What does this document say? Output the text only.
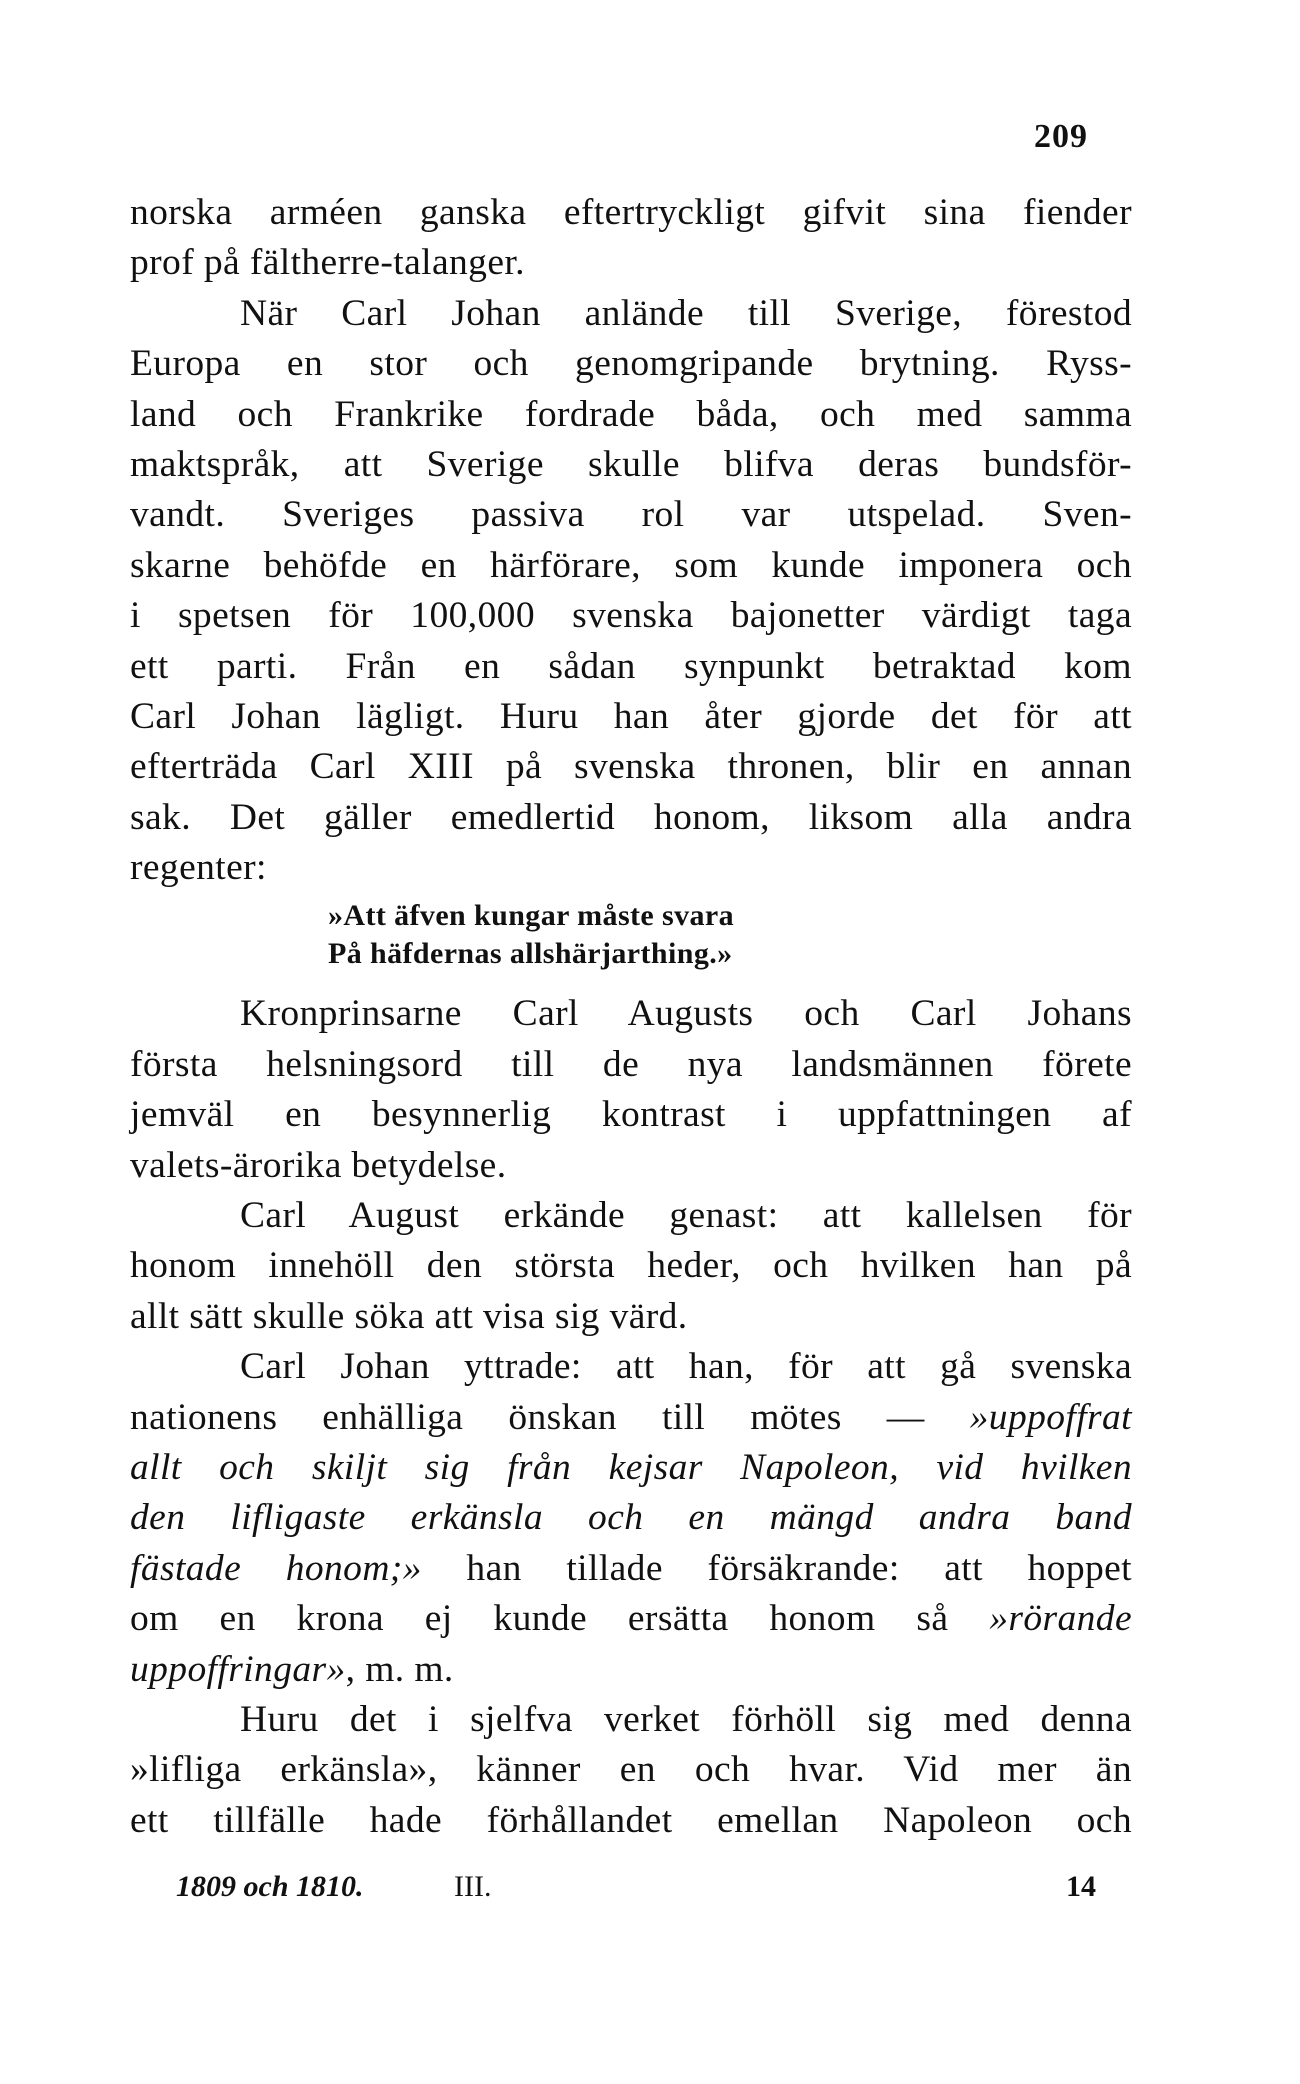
209
norska arméen ganska eftertryckligt gifvit sina fiender
prof på fältherre-talanger.
När Carl Johan anlände till Sverige, förestod
Europa en stor och genomgripande brytning. Ryss-
land och Frankrike fordrade båda, och med samma
maktspråk, att Sverige skulle blifva deras bundsför-
vandt. Sveriges passiva rol var utspelad. Sven-
skarne behöfde en härförare, som kunde imponera och
i spetsen för 100,000 svenska bajonetter värdigt taga
ett parti. Från en sådan synpunkt betraktad kom
Carl Johan lägligt. Huru han åter gjorde det för att
efterträda Carl XIII på svenska thronen, blir en annan
sak. Det gäller emedlertid honom, liksom alla andra
regenter:
»Att äfven kungar måste svara
På häfdernas allshärjarthing.»
Kronprinsarne Carl Augusts och Carl Johans
första helsningsord till de nya landsmännen förete
jemväl en besynnerlig kontrast i uppfattningen af
valets-ärorika betydelse.
Carl August erkände genast: att kallelsen för
honom innehöll den största heder, och hvilken han på
allt sätt skulle söka att visa sig värd.
Carl Johan yttrade: att han, för att gå svenska
nationens enhälliga önskan till mötes — »uppoffrat
allt och skiljt sig från kejsar Napoleon, vid hvilken
den lifligaste erkänsla och en mängd andra band
fästade honom;» han tillade försäkrande: att hoppet
om en krona ej kunde ersätta honom så »rörande
uppoffringar», m. m.
Huru det i sjelfva verket förhöll sig med denna
»lifliga erkänsla», känner en och hvar. Vid mer än
ett tillfälle hade förhållandet emellan Napoleon och
1809 och 1810.	III.	14
